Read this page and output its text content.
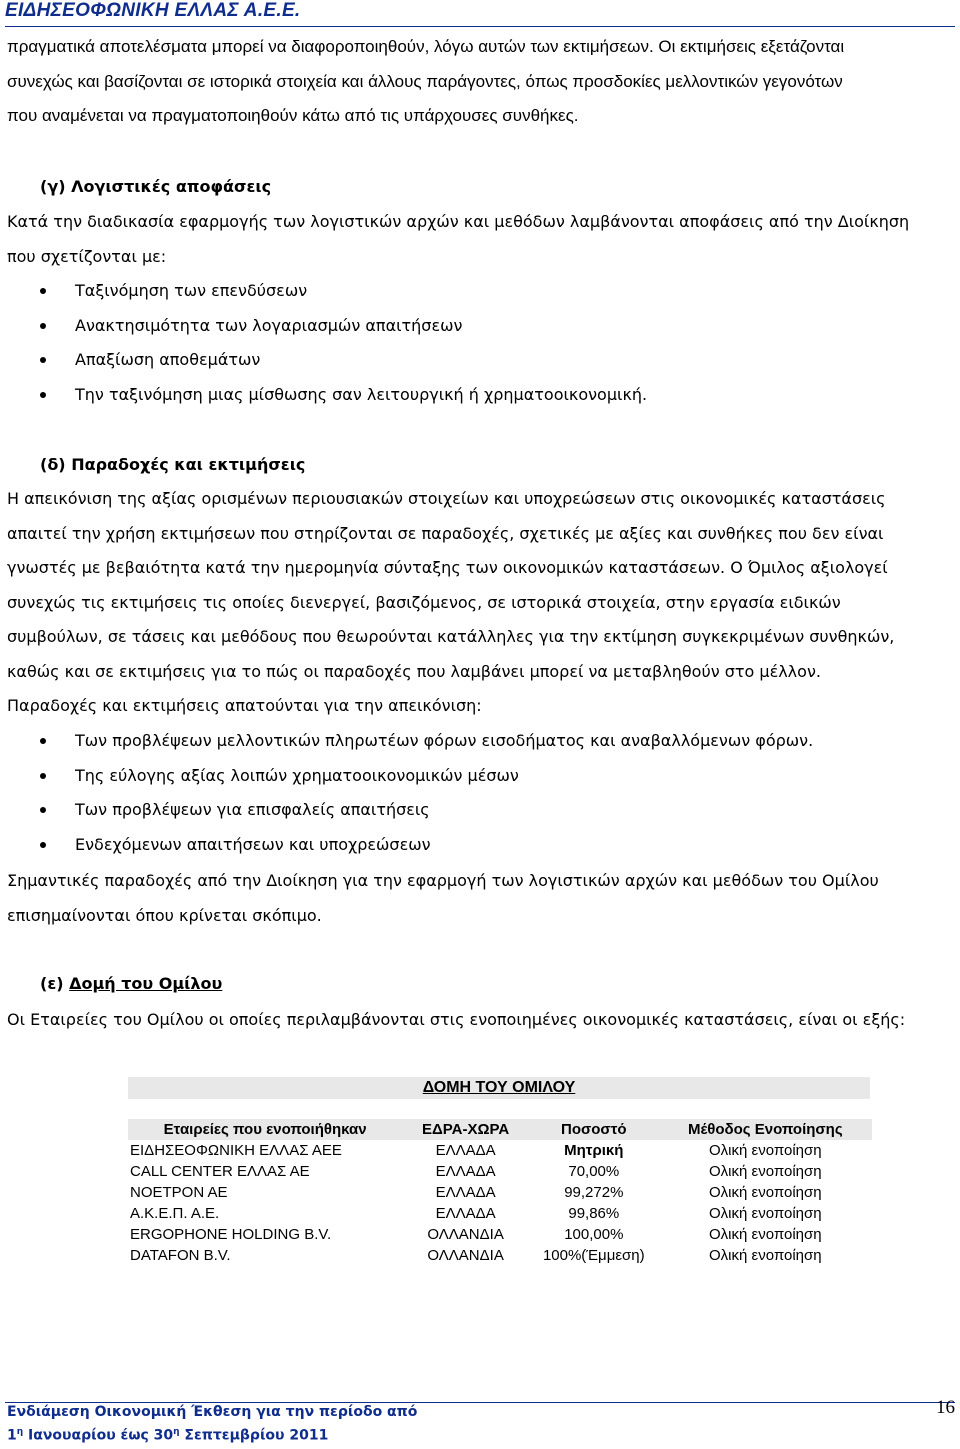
ΕΙΔΗΣΕΟΦΩΝΙΚΗ ΕΛΛΑΣ Α.Ε.Ε.
πραγματικά αποτελέσματα μπορεί να διαφοροποιηθούν, λόγω αυτών των εκτιμήσεων. Οι εκτιμήσεις εξετάζονται
συνεχώς και βασίζονται σε ιστορικά στοιχεία και άλλους παράγοντες, όπως προσδοκίες μελλοντικών γεγονότων
που αναμένεται να πραγματοποιηθούν κάτω από τις υπάρχουσες συνθήκες.
(γ) Λογιστικές αποφάσεις
Κατά την διαδικασία εφαρμογής των λογιστικών αρχών και μεθόδων λαμβάνονται αποφάσεις από την Διοίκηση
που σχετίζονται με:
Ταξινόμηση των επενδύσεων
Ανακτησιμότητα των λογαριασμών απαιτήσεων
Απαξίωση αποθεμάτων
Την ταξινόμηση μιας μίσθωσης σαν λειτουργική ή χρηματοοικονομική.
(δ) Παραδοχές και εκτιμήσεις
Η απεικόνιση της αξίας ορισμένων περιουσιακών στοιχείων και υποχρεώσεων στις οικονομικές καταστάσεις
απαιτεί την χρήση εκτιμήσεων που στηρίζονται σε παραδοχές, σχετικές με αξίες και συνθήκες που δεν είναι
γνωστές με βεβαιότητα κατά την ημερομηνία σύνταξης των οικονομικών καταστάσεων. Ο Όμιλος αξιολογεί
συνεχώς τις εκτιμήσεις τις οποίες διενεργεί, βασιζόμενος, σε ιστορικά στοιχεία, στην εργασία ειδικών
συμβούλων, σε τάσεις και μεθόδους που θεωρούνται κατάλληλες για την εκτίμηση συγκεκριμένων συνθηκών,
καθώς και σε εκτιμήσεις για το πώς οι παραδοχές που λαμβάνει μπορεί να μεταβληθούν στο μέλλον.
Παραδοχές και εκτιμήσεις απατούνται για την απεικόνιση:
Των προβλέψεων μελλοντικών πληρωτέων φόρων εισοδήματος και αναβαλλόμενων φόρων.
Της εύλογης αξίας λοιπών χρηματοοικονομικών μέσων
Των προβλέψεων για επισφαλείς απαιτήσεις
Ενδεχόμενων απαιτήσεων και υποχρεώσεων
Σημαντικές παραδοχές από την Διοίκηση για την εφαρμογή των λογιστικών αρχών και μεθόδων του Ομίλου
επισημαίνονται όπου κρίνεται σκόπιμο.
(ε) Δομή του Ομίλου
Οι Εταιρείες του Ομίλου οι οποίες περιλαμβάνονται στις ενοποιημένες οικονομικές καταστάσεις, είναι οι εξής:
ΔΟΜΗ ΤΟΥ ΟΜΙΛΟΥ
Εταιρείες που ενοποιήθηκαν	ΕΔΡΑ-ΧΩΡΑ	Ποσοστό	Μέθοδος Ενοποίησης
ΕΙΔΗΣΕΟΦΩΝΙΚΗ ΕΛΛΑΣ ΑΕΕ	ΕΛΛΑΔΑ	Μητρική	Ολική ενοποίηση
CALL CENTER ΕΛΛΑΣ ΑΕ	ΕΛΛΑΔΑ	70,00%	Ολική ενοποίηση
ΝΟΕΤΡΟΝ ΑΕ	ΕΛΛΑΔΑ	99,272%	Ολική ενοποίηση
Α.Κ.Ε.Π. Α.Ε.	ΕΛΛΑΔΑ	99,86%	Ολική ενοποίηση
ERGOPHONE HOLDING B.V.	ΟΛΛΑΝΔΙΑ	100,00%	Ολική ενοποίηση
DATAFON B.V.	ΟΛΛΑΝΔΙΑ	100%(Έμμεση)	Ολική ενοποίηση
Ενδιάμεση Οικονομική Έκθεση για την περίοδο από
$1^\eta$ Ιανουαρίου έως $30^\eta$ Σεπτεμβρίου 2011
16
